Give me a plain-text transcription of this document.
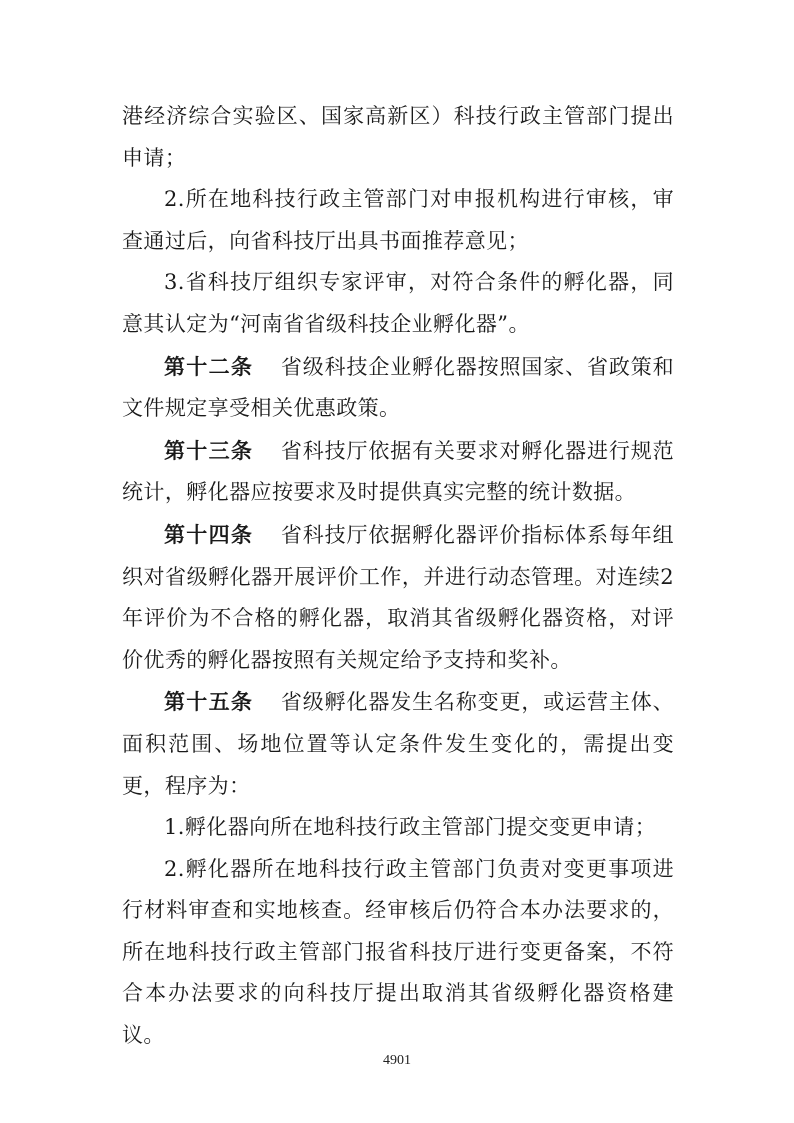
港经济综合实验区、国家高新区）科技行政主管部门提出申请；

2.所在地科技行政主管部门对申报机构进行审核，审查通过后，向省科技厅出具书面推荐意见；

3.省科技厅组织专家评审，对符合条件的孵化器，同意其认定为“河南省省级科技企业孵化器”。

第十二条 省级科技企业孵化器按照国家、省政策和文件规定享受相关优惠政策。

第十三条 省科技厅依据有关要求对孵化器进行规范统计，孵化器应按要求及时提供真实完整的统计数据。

第十四条 省科技厅依据孵化器评价指标体系每年组织对省级孵化器开展评价工作，并进行动态管理。对连续2年评价为不合格的孵化器，取消其省级孵化器资格，对评价优秀的孵化器按照有关规定给予支持和奖补。

第十五条 省级孵化器发生名称变更，或运营主体、面积范围、场地位置等认定条件发生变化的，需提出变更，程序为：

1.孵化器向所在地科技行政主管部门提交变更申请；

2.孵化器所在地科技行政主管部门负责对变更事项进行材料审查和实地核查。经审核后仍符合本办法要求的，所在地科技行政主管部门报省科技厅进行变更备案，不符合本办法要求的向科技厅提出取消其省级孵化器资格建议。

4901
